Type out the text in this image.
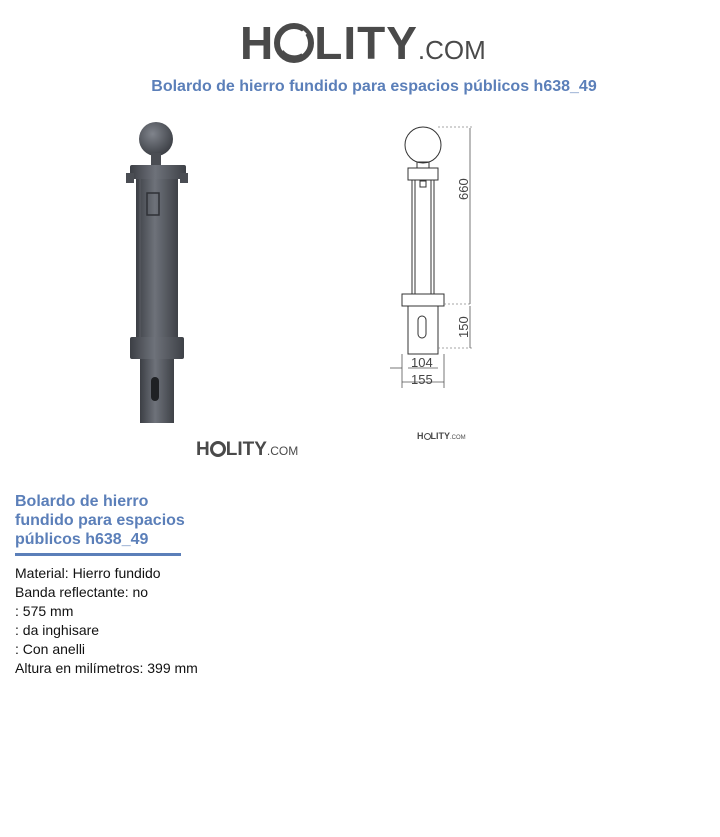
H LITY.COM
Bolardo de hierro fundido para espacios públicos h638_49
H LITY.COM
660
150
104
155
H LITY.COM
Bolardo de hierro fundido para espacios públicos h638_49
Material: Hierro fundido
Banda reflectante: no
: 575 mm
: da inghisare
: Con anelli
Altura en milímetros: 399 mm
